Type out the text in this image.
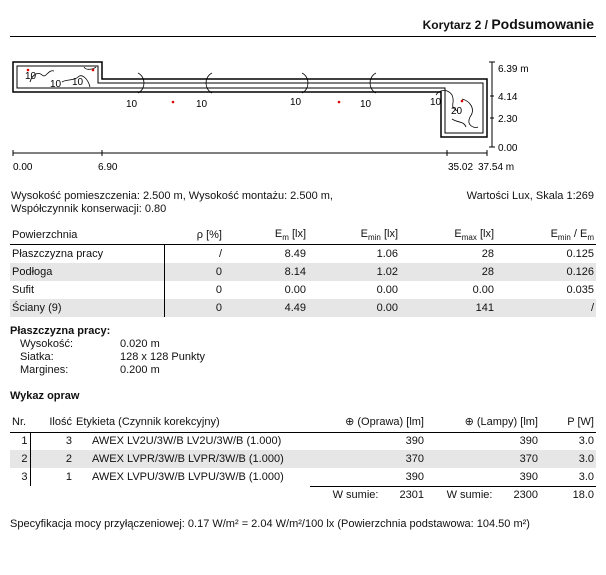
Korytarz 2 / Podsumowanie
10
10 10
10	10	10	10	10
20
6.39 m
4.14
2.30
0.00
0.00	6.90	35.02 37.54 m
Wysokość pomieszczenia: 2.500 m, Wysokość montażu: 2.500 m,
Współczynnik konserwacji: 0.80
Wartości Lux, Skala 1:269
Powierzchnia	ρ [%]	$E_m$ [lx]	$E_{min}$ [lx]	$E_{max}$ [lx]	$E_{min} / E_m$
Płaszczyzna pracy	/	8.49	1.06	28	0.125
Podłoga	0	8.14	1.02	28	0.126
Sufit	0	0.00	0.00	0.00	0.035
Ściany (9)	0	4.49	0.00	141	/
Płaszczyzna pracy:
Wysokość:	0.020 m
Siatka:	128 x 128 Punkty
Margines:	0.200 m
Wykaz opraw
Nr.	Ilość	Etykieta (Czynnik korekcyjny)	⊕ (Oprawa) [lm]	⊕ (Lampy) [lm]	P [W]
1	3	AWEX LV2U/3W/B LV2U/3W/B (1.000)	390	390	3.0
2	2	AWEX LVPR/3W/B LVPR/3W/B (1.000)	370	370	3.0
3	1	AWEX LVPU/3W/B LVPU/3W/B (1.000)	390	390	3.0
			W sumie: 2301	W sumie: 2300	18.0
Specyfikacja mocy przyłączeniowej: 0.17 W/m² = 2.04 W/m²/100 lx (Powierzchnia podstawowa: 104.50 m²)
